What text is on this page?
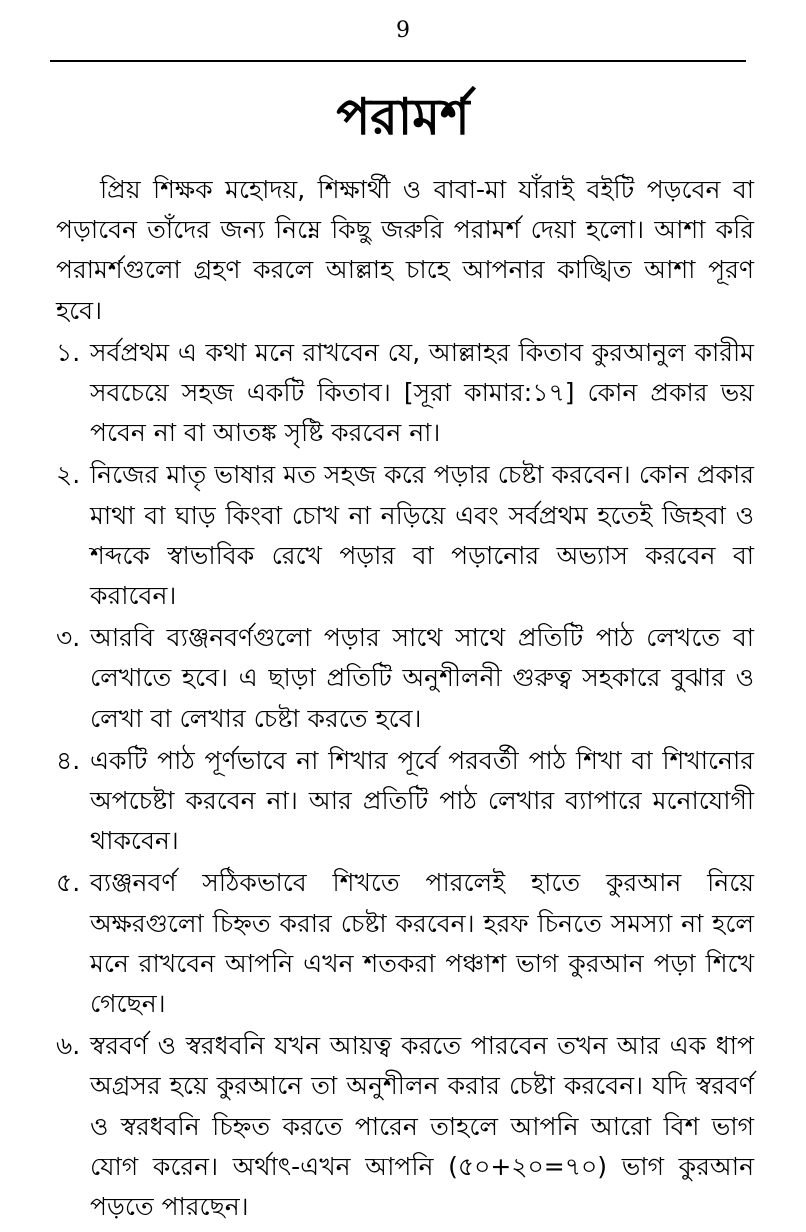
9
পরামর্শ

প্রিয় শিক্ষক মহোদয়, শিক্ষার্থী ও বাবা-মা যাঁরাই বইটি পড়বেন বা পড়াবেন তাঁদের জন্য নিম্নে কিছু জরুরি পরামর্শ দেয়া হলো। আশা করি পরামর্শগুলো গ্রহণ করলে আল্লাহ চাহে আপনার কাঙ্খিত আশা পূরণ হবে।

১. সর্বপ্রথম এ কথা মনে রাখবেন যে, আল্লাহর কিতাব কুরআনুল কারীম সবচেয়ে সহজ একটি কিতাব। [সূরা কামার:১৭] কোন প্রকার ভয় পবেন না বা আতঙ্ক সৃষ্টি করবেন না।
২. নিজের মাতৃ ভাষার মত সহজ করে পড়ার চেষ্টা করবেন। কোন প্রকার মাথা বা ঘাড় কিংবা চোখ না নড়িয়ে এবং সর্বপ্রথম হতেই জিহবা ও শব্দকে স্বাভাবিক রেখে পড়ার বা পড়ানোর অভ্যাস করবেন বা করাবেন।
৩. আরবি ব্যঞ্জনবর্ণগুলো পড়ার সাথে সাথে প্রতিটি পাঠ লেখতে বা লেখাতে হবে। এ ছাড়া প্রতিটি অনুশীলনী গুরুত্ব সহকারে বুঝার ও লেখা বা লেখার চেষ্টা করতে হবে।
৪. একটি পাঠ পূর্ণভাবে না শিখার পূর্বে পরবর্তী পাঠ শিখা বা শিখানোর অপচেষ্টা করবেন না। আর প্রতিটি পাঠ লেখার ব্যাপারে মনোযোগী থাকবেন।
৫. ব্যঞ্জনবর্ণ সঠিকভাবে শিখতে পারলেই হাতে কুরআন নিয়ে অক্ষরগুলো চিহ্নত করার চেষ্টা করবেন। হরফ চিনতে সমস্যা না হলে মনে রাখবেন আপনি এখন শতকরা পঞ্চাশ ভাগ কুরআন পড়া শিখে গেছেন।
৬. স্বরবর্ণ ও স্বরধবনি যখন আয়ত্ব করতে পারবেন তখন আর এক ধাপ অগ্রসর হয়ে কুরআনে তা অনুশীলন করার চেষ্টা করবেন। যদি স্বরবর্ণ ও স্বরধবনি চিহ্নত করতে পারেন তাহলে আপনি আরো বিশ ভাগ যোগ করেন। অর্থাৎ-এখন আপনি (৫০+২০=৭০) ভাগ কুরআন পড়তে পারছেন।
